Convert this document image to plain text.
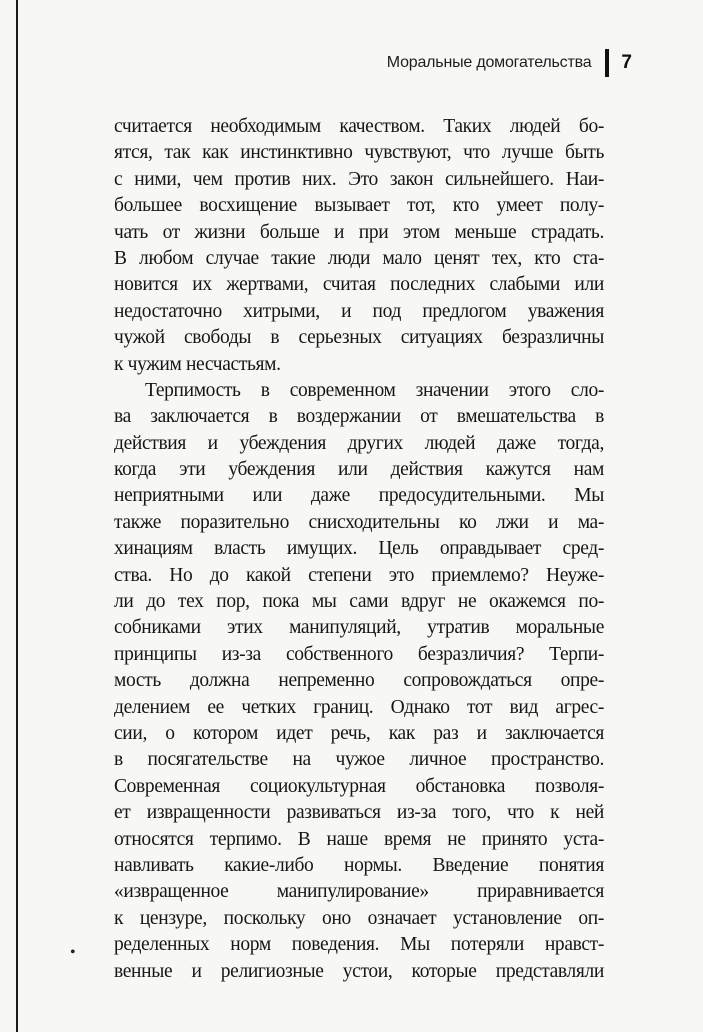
Моральные домогательства 7
считается необходимым качеством. Таких людей бо-
ятся, так как инстинктивно чувствуют, что лучше быть
с ними, чем против них. Это закон сильнейшего. Наи-
большее восхищение вызывает тот, кто умеет полу-
чать от жизни больше и при этом меньше страдать.
В любом случае такие люди мало ценят тех, кто ста-
новится их жертвами, считая последних слабыми или
недостаточно хитрыми, и под предлогом уважения
чужой свободы в серьезных ситуациях безразличны
к чужим несчастьям.
Терпимость в современном значении этого сло-
ва заключается в воздержании от вмешательства в
действия и убеждения других людей даже тогда,
когда эти убеждения или действия кажутся нам
неприятными или даже предосудительными. Мы
также поразительно снисходительны ко лжи и ма-
хинациям власть имущих. Цель оправдывает сред-
ства. Но до какой степени это приемлемо? Неуже-
ли до тех пор, пока мы сами вдруг не окажемся по-
собниками этих манипуляций, утратив моральные
принципы из-за собственного безразличия? Терпи-
мость должна непременно сопровождаться опре-
делением ее четких границ. Однако тот вид агрес-
сии, о котором идет речь, как раз и заключается
в посягательстве на чужое личное пространство.
Современная социокультурная обстановка позволя-
ет извращенности развиваться из-за того, что к ней
относятся терпимо. В наше время не принято уста-
навливать какие-либо нормы. Введение понятия
«извращенное манипулирование» приравнивается
к цензуре, поскольку оно означает установление оп-
ределенных норм поведения. Мы потеряли нравст-
венные и религиозные устои, которые представляли
•
